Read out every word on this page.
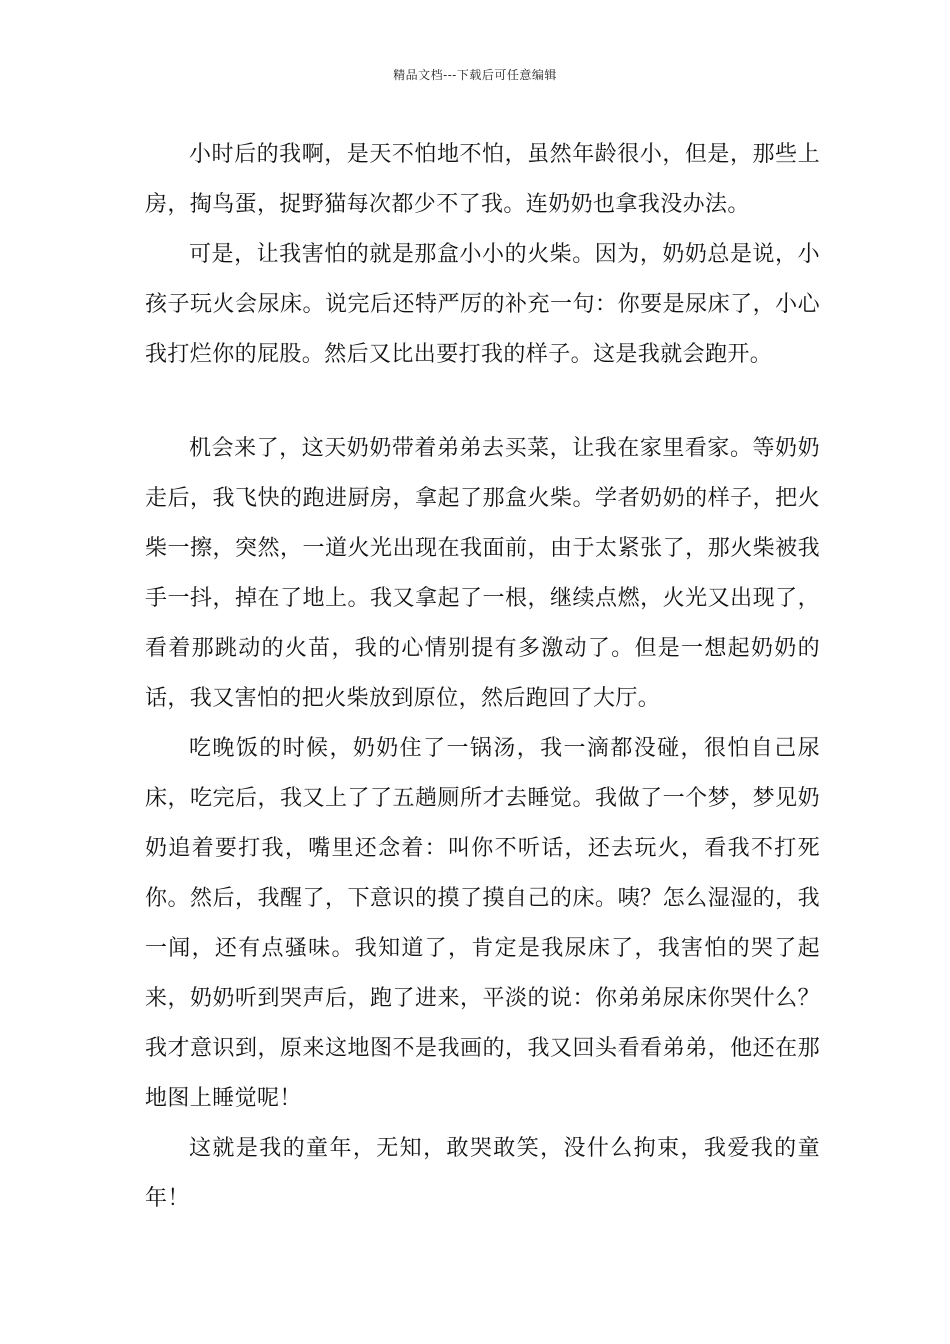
精品文档---下载后可任意编辑

小时后的我啊，是天不怕地不怕，虽然年龄很小，但是，那些上房，掏鸟蛋，捉野猫每次都少不了我。连奶奶也拿我没办法。

可是，让我害怕的就是那盒小小的火柴。因为，奶奶总是说，小孩子玩火会尿床。说完后还特严厉的补充一句：你要是尿床了，小心我打烂你的屁股。然后又比出要打我的样子。这是我就会跑开。

机会来了，这天奶奶带着弟弟去买菜，让我在家里看家。等奶奶走后，我飞快的跑进厨房，拿起了那盒火柴。学者奶奶的样子，把火柴一擦，突然，一道火光出现在我面前，由于太紧张了，那火柴被我手一抖，掉在了地上。我又拿起了一根，继续点燃，火光又出现了，看着那跳动的火苗，我的心情别提有多激动了。但是一想起奶奶的话，我又害怕的把火柴放到原位，然后跑回了大厅。

吃晚饭的时候，奶奶住了一锅汤，我一滴都没碰，很怕自己尿床，吃完后，我又上了了五趟厕所才去睡觉。我做了一个梦，梦见奶奶追着要打我，嘴里还念着：叫你不听话，还去玩火，看我不打死你。然后，我醒了，下意识的摸了摸自己的床。咦？怎么湿湿的，我一闻，还有点骚味。我知道了，肯定是我尿床了，我害怕的哭了起来，奶奶听到哭声后，跑了进来，平淡的说：你弟弟尿床你哭什么？我才意识到，原来这地图不是我画的，我又回头看看弟弟，他还在那地图上睡觉呢！

这就是我的童年，无知，敢哭敢笑，没什么拘束，我爱我的童年！
